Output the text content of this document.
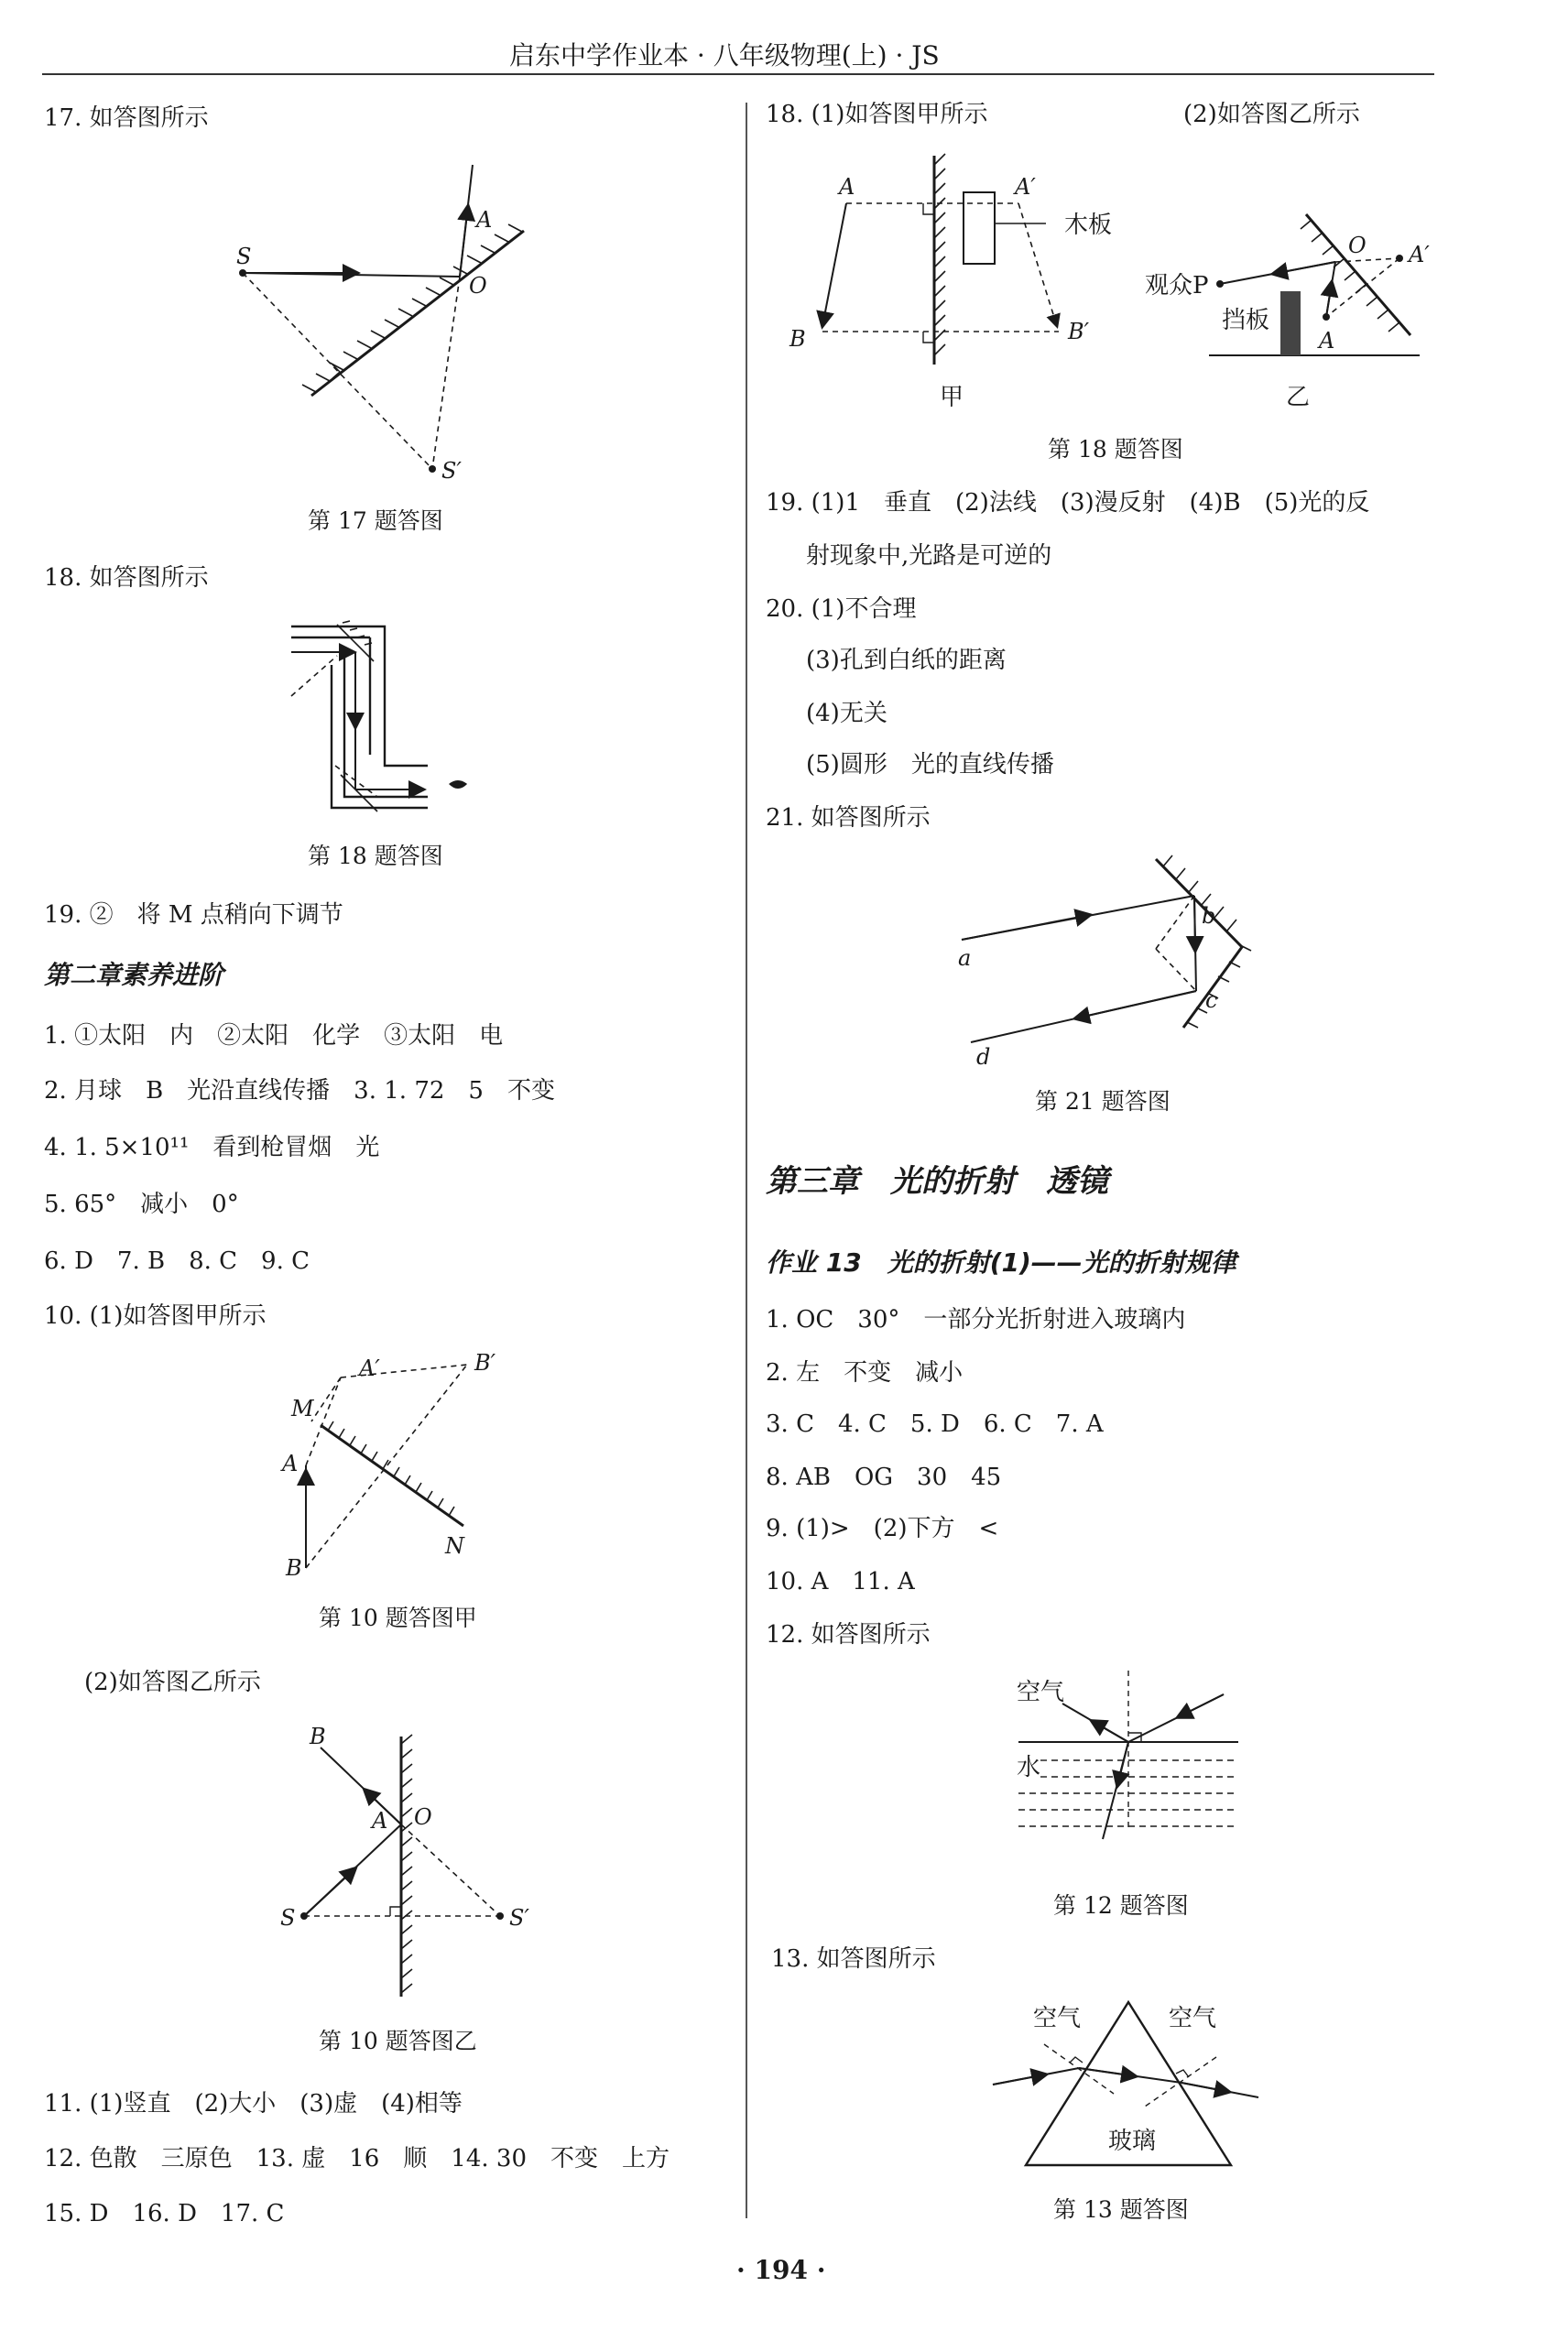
启东中学作业本 · 八年级物理(上) · JS
17. 如答图所示
S
A
O
S′
第 17 题答图
18. 如答图所示
第 18 题答图
19. ②　将 M 点稍向下调节
第二章素养进阶
1. ①太阳　内　②太阳　化学　③太阳　电
2. 月球　B　光沿直线传播　3. 1. 72　5　不变
4. 1. 5×10¹¹　看到枪冒烟　光
5. 65°　减小　0°
6. D　7. B　8. C　9. C
10. (1)如答图甲所示
A′	B′
M
A
N
B
第 10 题答图甲
(2)如答图乙所示
B
A O
S	S′
第 10 题答图乙
11. (1)竖直　(2)大小　(3)虚　(4)相等
12. 色散　三原色　13. 虚　16　顺　14. 30　不变　上方
15. D　16. D　17. C
18. (1)如答图甲所示	(2)如答图乙所示
A	A′
木板
B	B′
甲
O A′
观众P
挡板
A
乙
第 18 题答图
19. (1)1　垂直　(2)法线　(3)漫反射　(4)B　(5)光的反
射现象中,光路是可逆的
20. (1)不合理
(3)孔到白纸的距离
(4)无关
(5)圆形　光的直线传播
21. 如答图所示
a
b
c
d
第 21 题答图
第三章　光的折射　透镜
作业 13　光的折射(1)——光的折射规律
1. OC　30°　一部分光折射进入玻璃内
2. 左　不变　减小
3. C　4. C　5. D　6. C　7. A
8. AB　OG　30　45
9. (1)>　(2)下方　<
10. A　11. A
12. 如答图所示
空气
水
第 12 题答图
13. 如答图所示
空气	空气
玻璃
第 13 题答图
· 194 ·
